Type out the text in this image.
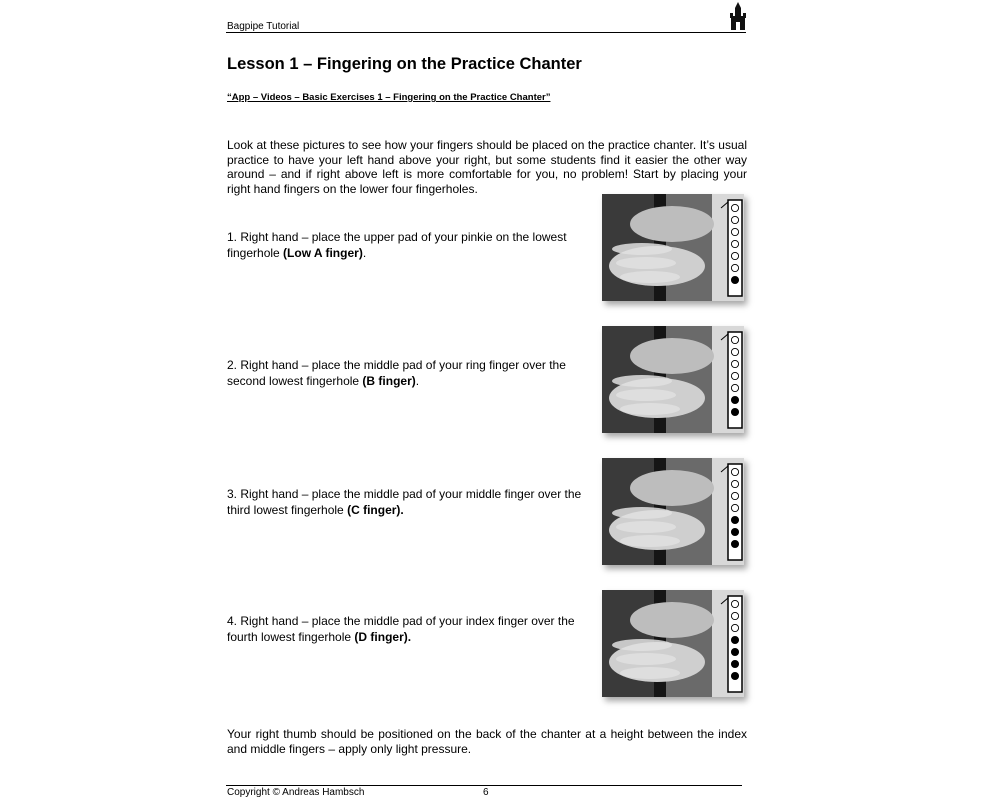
Bagpipe Tutorial
Lesson 1 – Fingering on the Practice Chanter
“App – Videos – Basic Exercises 1 – Fingering on the Practice Chanter”

Look at these pictures to see how your fingers should be placed on the practice chanter. It’s usual practice to have your left hand above your right, but some students find it easier the other way around – and if right above left is more comfortable for you, no problem! Start by placing your right hand fingers on the lower four fingerholes.

1. Right hand – place the upper pad of your pinkie on the lowest fingerhole (Low A finger).

2. Right hand – place the middle pad of your ring finger over the second lowest fingerhole (B finger).

3. Right hand – place the middle pad of your middle finger over the third lowest fingerhole (C finger).

4. Right hand – place the middle pad of your index finger over the fourth lowest fingerhole (D finger).

Your right thumb should be positioned on the back of the chanter at a height between the index and middle fingers – apply only light pressure.

Copyright © Andreas Hambsch	6
